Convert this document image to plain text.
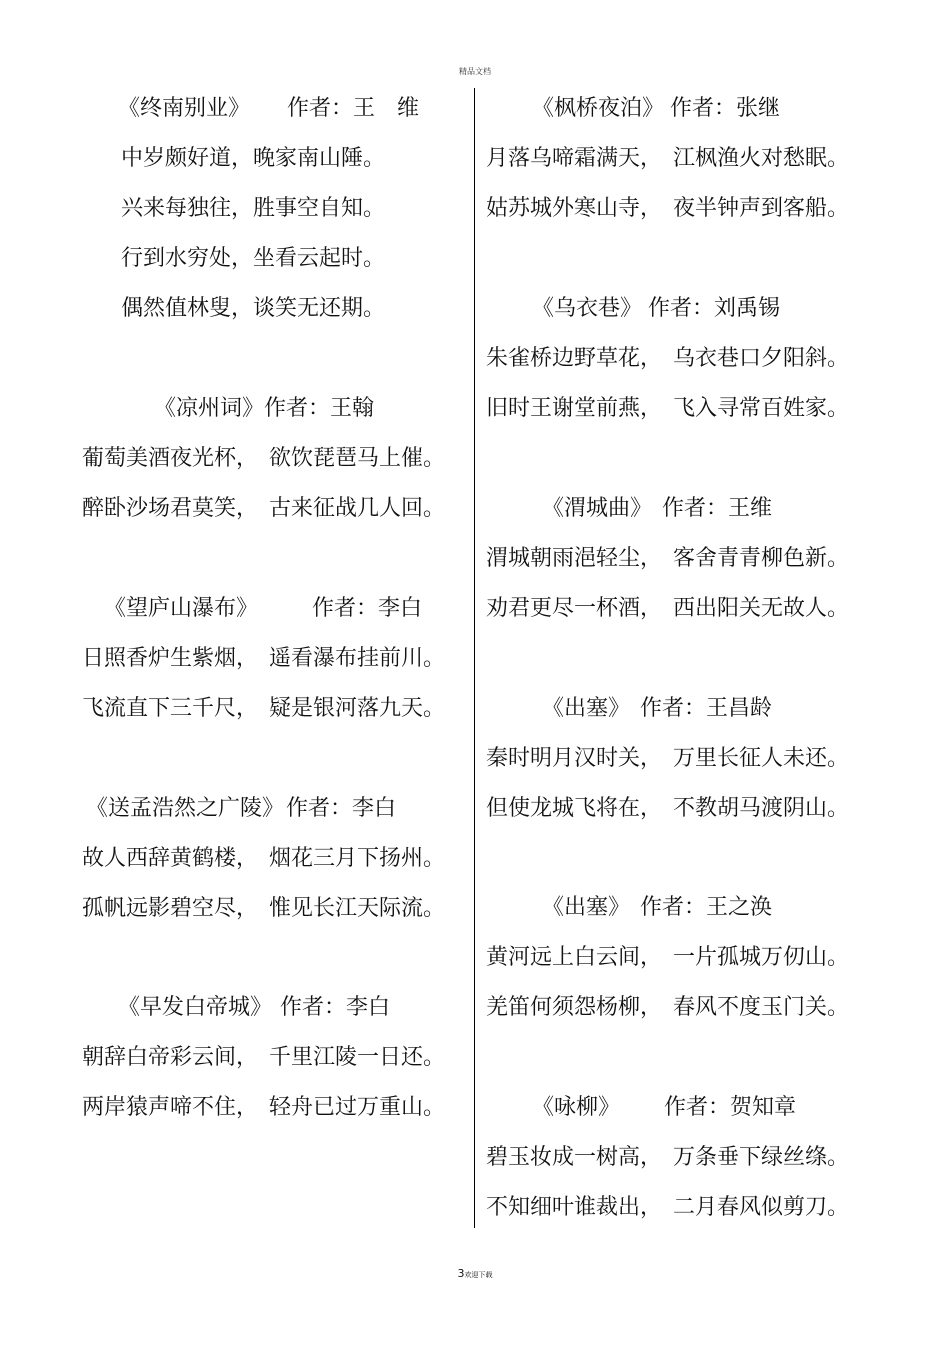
精品文档
《终南别业》 作者：王　维
中岁颇好道，晚家南山陲。
兴来每独往，胜事空自知。
行到水穷处，坐看云起时。
偶然值林叟，谈笑无还期。
《凉州词》 作者：王翰
葡萄美酒夜光杯，　欲饮琵琶马上催。
醉卧沙场君莫笑，　古来征战几人回。
《望庐山瀑布》 作者：李白
日照香炉生紫烟，　遥看瀑布挂前川。
飞流直下三千尺，　疑是银河落九天。
《送孟浩然之广陵》 作者：李白
故人西辞黄鹤楼，　烟花三月下扬州。
孤帆远影碧空尽，　惟见长江天际流。
《早发白帝城》 作者：李白
朝辞白帝彩云间，　千里江陵一日还。
两岸猿声啼不住，　轻舟已过万重山。
《枫桥夜泊》 作者：张继
月落乌啼霜满天，　江枫渔火对愁眠。
姑苏城外寒山寺，　夜半钟声到客船。
《乌衣巷》 作者：刘禹锡
朱雀桥边野草花，　乌衣巷口夕阳斜。
旧时王谢堂前燕，　飞入寻常百姓家。
《渭城曲》 作者：王维
渭城朝雨浥轻尘，　客舍青青柳色新。
劝君更尽一杯酒，　西出阳关无故人。
《出塞》 作者：王昌龄
秦时明月汉时关，　万里长征人未还。
但使龙城飞将在，　不教胡马渡阴山。
《出塞》 作者：王之涣
黄河远上白云间，　一片孤城万仞山。
羌笛何须怨杨柳，　春风不度玉门关。
《咏柳》 作者：贺知章
碧玉妆成一树高，　万条垂下绿丝绦。
不知细叶谁裁出，　二月春风似剪刀。
3欢迎下载
